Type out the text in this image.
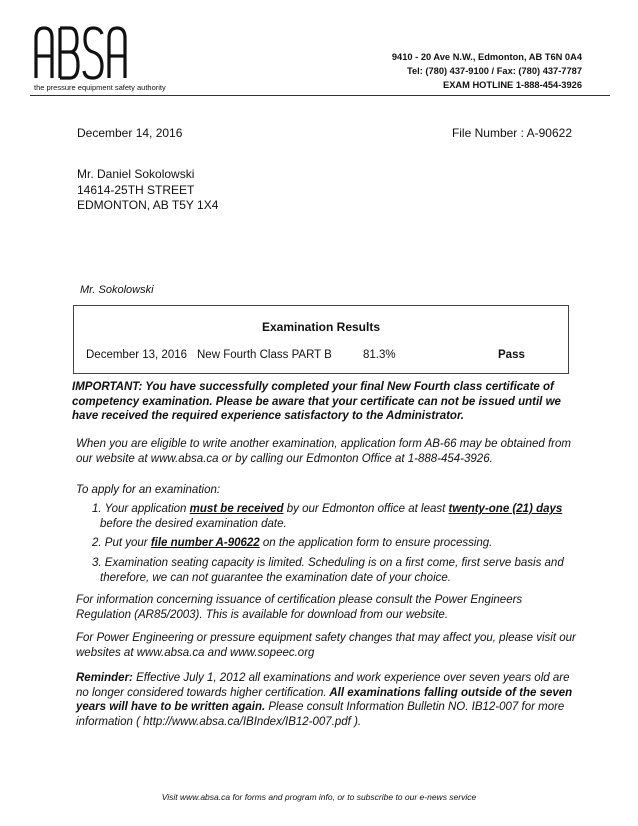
the pressure equipment safety authority
9410 - 20 Ave N.W., Edmonton, AB T6N 0A4
Tel: (780) 437-9100 / Fax: (780) 437-7787
EXAM HOTLINE 1-888-454-3926
December 14, 2016	File Number : A-90622
Mr. Daniel Sokolowski
14614-25TH STREET
EDMONTON, AB T5Y 1X4
Mr. Sokolowski
Examination Results
December 13, 2016 New Fourth Class PART B	81.3%	Pass
IMPORTANT: You have successfully completed your final New Fourth class certificate of competency examination. Please be aware that your certificate can not be issued until we have received the required experience satisfactory to the Administrator.
When you are eligible to write another examination, application form AB-66 may be obtained from our website at www.absa.ca or by calling our Edmonton Office at 1-888-454-3926.
To apply for an examination:
1. Your application must be received by our Edmonton office at least twenty-one (21) days
before the desired examination date.
2. Put your file number A-90622 on the application form to ensure processing.
3. Examination seating capacity is limited. Scheduling is on a first come, first serve basis and
therefore, we can not guarantee the examination date of your choice.
For information concerning issuance of certification please consult the Power Engineers Regulation (AR85/2003). This is available for download from our website.
For Power Engineering or pressure equipment safety changes that may affect you, please visit our websites at www.absa.ca and www.sopeec.org
Reminder: Effective July 1, 2012 all examinations and work experience over seven years old are no longer considered towards higher certification. All examinations falling outside of the seven years will have to be written again. Please consult Information Bulletin NO. IB12-007 for more information ( http://www.absa.ca/IBIndex/IB12-007.pdf ).
Visit www.absa.ca for forms and program info, or to subscribe to our e-news service
